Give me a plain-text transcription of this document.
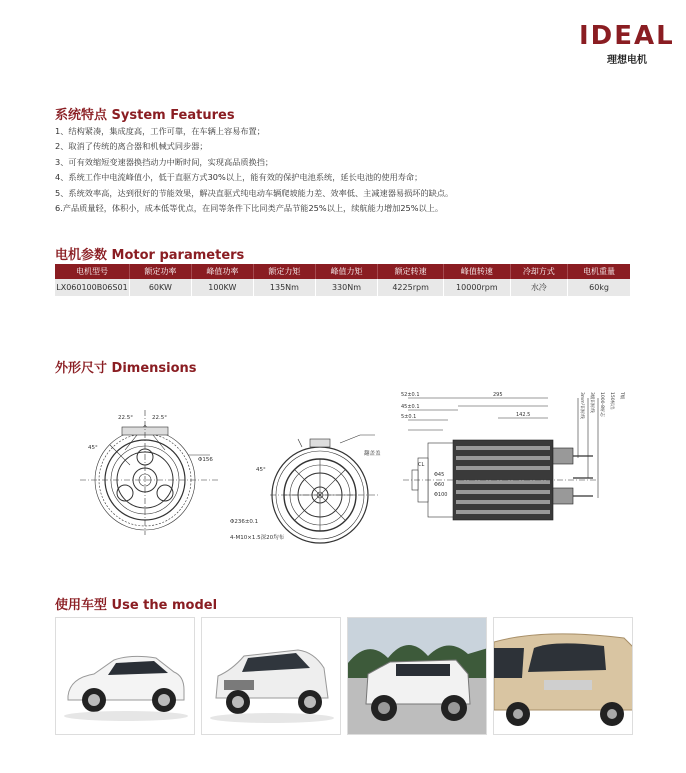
IDEAL
理想电机
系统特点 System Features
1、结构紧凑，集成度高，工作可靠，在车辆上容易布置；
2、取消了传统的离合器和机械式同步器；
3、可有效缩短变速器换挡动力中断时间，实现高品质换挡；
4、系统工作中电流峰值小，低于直驱方式30%以上，能有效的保护电池系统，延长电池的使用寿命；
5、系统效率高，达到很好的节能效果，解决直驱式纯电动车辆爬坡能力差、效率低、主减速器易损坏的缺点。
6.产品质量轻，体积小，成本低等优点，在同等条件下比同类产品节能25%以上，续航能力增加25%以上。
电机参数 Motor parameters
电机型号	额定功率	峰值功率	额定力矩	峰值力矩	额定转速	峰值转速	冷却方式	电机重量
LX060100B06S01	60KW	100KW	135Nm	330Nm	4225rpm	10000rpm	水冷	60kg
外形尺寸 Dimensions
22.5°	22.5°
45°
Φ156
45°
Φ236±0.1
4-M10×1.5深20均布
翻盖盖
52±0.1
45±0.1
5±0.1
295
142.5
Φ45
Φ60
Φ100
CL
3mm²识标线	3级识标线	1000-8标志	150标出	T级
使用车型 Use the model
